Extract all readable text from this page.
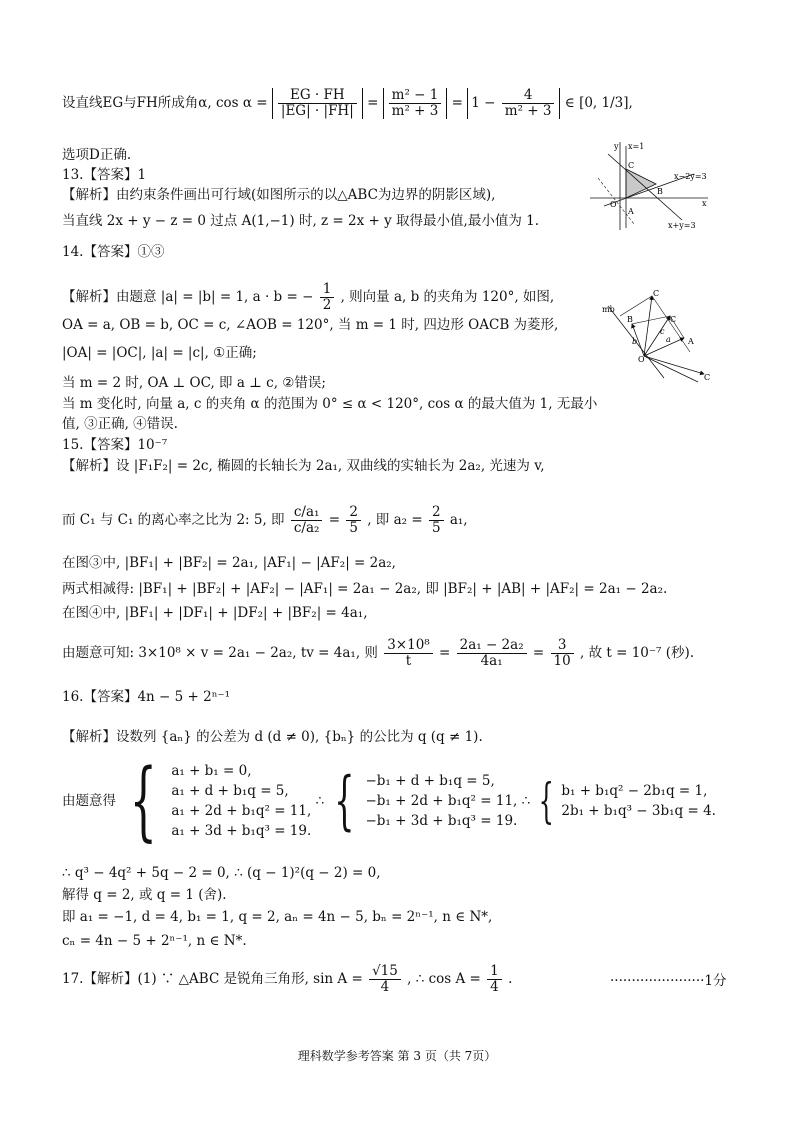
设直线EG与FH所成角α, $\cos \alpha = \frac{EG \cdot FH}{|EG| \cdot |FH|} = \frac{\text{m² − 1}}{\text{m² + 3}} = 1 - \frac{4}{\text{m² + 3}}$ ∈ [0, 1/3],
选项D正确.
13.【答案】1
【解析】由约束条件画出可行域(如图所示的以△ABC为边界的阴影区域),
当直线 2x + y − z = 0 过点 A(1,−1) 时, z = 2x + y 取得最小值,最小值为 1.
14.【答案】①③
【解析】由题意 |a| = |b| = 1, a · b = − $\frac{1}{2}$ , 则向量 a, b 的夹角为 120°, 如图,
OA = a, OB = b, OC = c, ∠AOB = 120°, 当 m = 1 时, 四边形 OACB 为菱形,
|OA| = |OC|, |a| = |c|, ①正确;
当 m = 2 时, OA ⊥ OC, 即 a ⊥ c, ②错误;
当 m 变化时, 向量 a, c 的夹角 α 的范围为 0° ≤ α < 120°, cos α 的最大值为 1, 无最小
值, ③正确, ④错误.
15.【答案】10⁻⁷
【解析】设 |F₁F₂| = 2c, 椭圆的长轴长为 2a₁, 双曲线的实轴长为 2a₂, 光速为 v,
而 C₁ 与 C₁ 的离心率之比为 2: 5, 即 $\frac{\text{c/a₁}}{\text{c/a₂}} = \frac{2}{5}$ , 即 $a_2 = \frac{2}{5} a_1$,
在图③中, |BF₁| + |BF₂| = 2a₁, |AF₁| − |AF₂| = 2a₂,
两式相减得: |BF₁| + |BF₂| + |AF₂| − |AF₁| = 2a₁ − 2a₂, 即 |BF₂| + |AB| + |AF₂| = 2a₁ − 2a₂.
在图④中, |BF₁| + |DF₁| + |DF₂| + |BF₂| = 4a₁,
由题意可知: 3×10⁸ × v = 2a₁ − 2a₂, tv = 4a₁, 则 $\frac{\text{3×10⁸}}{t} = \frac{\text{2a₁ − 2a₂}}{\text{4a₁}} = \frac{3}{10}$ , 故 t = 10⁻⁷ (秒).
16.【答案】4n − 5 + 2ⁿ⁻¹
【解析】设数列 {aₙ} 的公差为 d (d ≠ 0), {bₙ} 的公比为 q (q ≠ 1).
由题意得 { a₁ + b₁ = 0,
a₁ + d + b₁q = 5,
a₁ + 2d + b₁q² = 11,
a₁ + 3d + b₁q³ = 19.
∴ { −b₁ + d + b₁q = 5,
−b₁ + 2d + b₁q² = 11,
−b₁ + 3d + b₁q³ = 19.
∴ { b₁ + b₁q² − 2b₁q = 1,
2b₁ + b₁q³ − 3b₁q = 4.
∴ q³ − 4q² + 5q − 2 = 0, ∴ (q − 1)²(q − 2) = 0,
解得 q = 2, 或 q = 1 (舍).
即 a₁ = −1, d = 4, b₁ = 1, q = 2, aₙ = 4n − 5, bₙ = 2ⁿ⁻¹, n ∈ N*,
cₙ = 4n − 5 + 2ⁿ⁻¹, n ∈ N*.
17.【解析】(1) ∵ △ABC 是锐角三角形, $\sin A = \frac{√15}{4}$ , ∴ $\cos A = \frac{1}{4}$ .	······················1分
y x=1
x−2y=3
x+y=3
x
O
A
B
C
mb
C
B	C
c
b	a
O
A
C
理科数学参考答案 第 3 页（共 7页）
